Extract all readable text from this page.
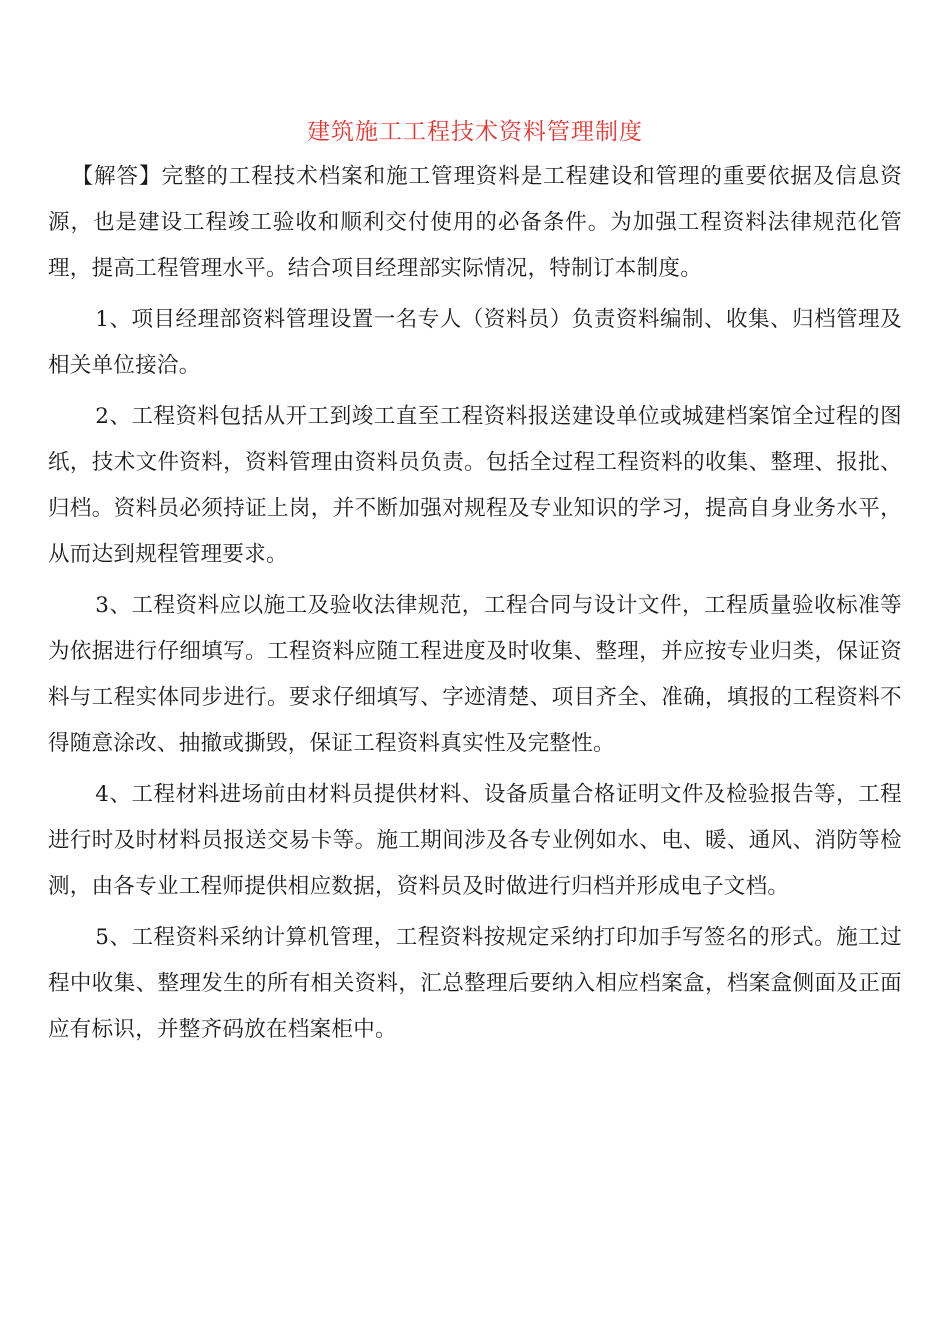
建筑施工工程技术资料管理制度

【解答】完整的工程技术档案和施工管理资料是工程建设和管理的重要依据及信息资源，也是建设工程竣工验收和顺利交付使用的必备条件。为加强工程资料法律规范化管理，提高工程管理水平。结合项目经理部实际情况，特制订本制度。

1、项目经理部资料管理设置一名专人（资料员）负责资料编制、收集、归档管理及相关单位接洽。

2、工程资料包括从开工到竣工直至工程资料报送建设单位或城建档案馆全过程的图纸，技术文件资料，资料管理由资料员负责。包括全过程工程资料的收集、整理、报批、归档。资料员必须持证上岗，并不断加强对规程及专业知识的学习，提高自身业务水平，从而达到规程管理要求。

3、工程资料应以施工及验收法律规范，工程合同与设计文件，工程质量验收标准等为依据进行仔细填写。工程资料应随工程进度及时收集、整理，并应按专业归类，保证资料与工程实体同步进行。要求仔细填写、字迹清楚、项目齐全、准确，填报的工程资料不得随意涂改、抽撤或撕毁，保证工程资料真实性及完整性。

4、工程材料进场前由材料员提供材料、设备质量合格证明文件及检验报告等，工程进行时及时材料员报送交易卡等。施工期间涉及各专业例如水、电、暖、通风、消防等检测，由各专业工程师提供相应数据，资料员及时做进行归档并形成电子文档。

5、工程资料采纳计算机管理，工程资料按规定采纳打印加手写签名的形式。施工过程中收集、整理发生的所有相关资料，汇总整理后要纳入相应档案盒，档案盒侧面及正面应有标识，并整齐码放在档案柜中。
